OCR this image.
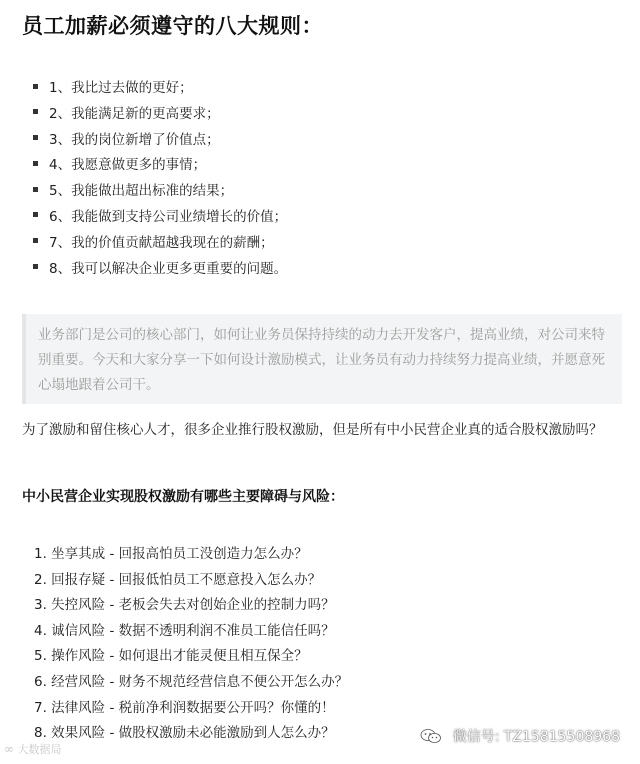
员工加薪必须遵守的八大规则：
1、我比过去做的更好；
2、我能满足新的更高要求；
3、我的岗位新增了价值点；
4、我愿意做更多的事情；
5、我能做出超出标准的结果；
6、我能做到支持公司业绩增长的价值；
7、我的价值贡献超越我现在的薪酬；
8、我可以解决企业更多更重要的问题。
业务部门是公司的核心部门，如何让业务员保持持续的动力去开发客户，提高业绩，对公司来特别重要。今天和大家分享一下如何设计激励模式，让业务员有动力持续努力提高业绩，并愿意死心塌地跟着公司干。
为了激励和留住核心人才，很多企业推行股权激励，但是所有中小民营企业真的适合股权激励吗？
中小民营企业实现股权激励有哪些主要障碍与风险：
1. 坐享其成 - 回报高怕员工没创造力怎么办？
2. 回报存疑 - 回报低怕员工不愿意投入怎么办？
3. 失控风险 - 老板会失去对创始企业的控制力吗？
4. 诚信风险 - 数据不透明利润不准员工能信任吗？
5. 操作风险 - 如何退出才能灵便且相互保全？
6. 经营风险 - 财务不规范经营信息不便公开怎么办？
7. 法律风险 - 税前净利润数据要公开吗？你懂的！
8. 效果风险 - 做股权激励未必能激励到人怎么办？
∞ 大数据局
微信号: TZ15815508968
